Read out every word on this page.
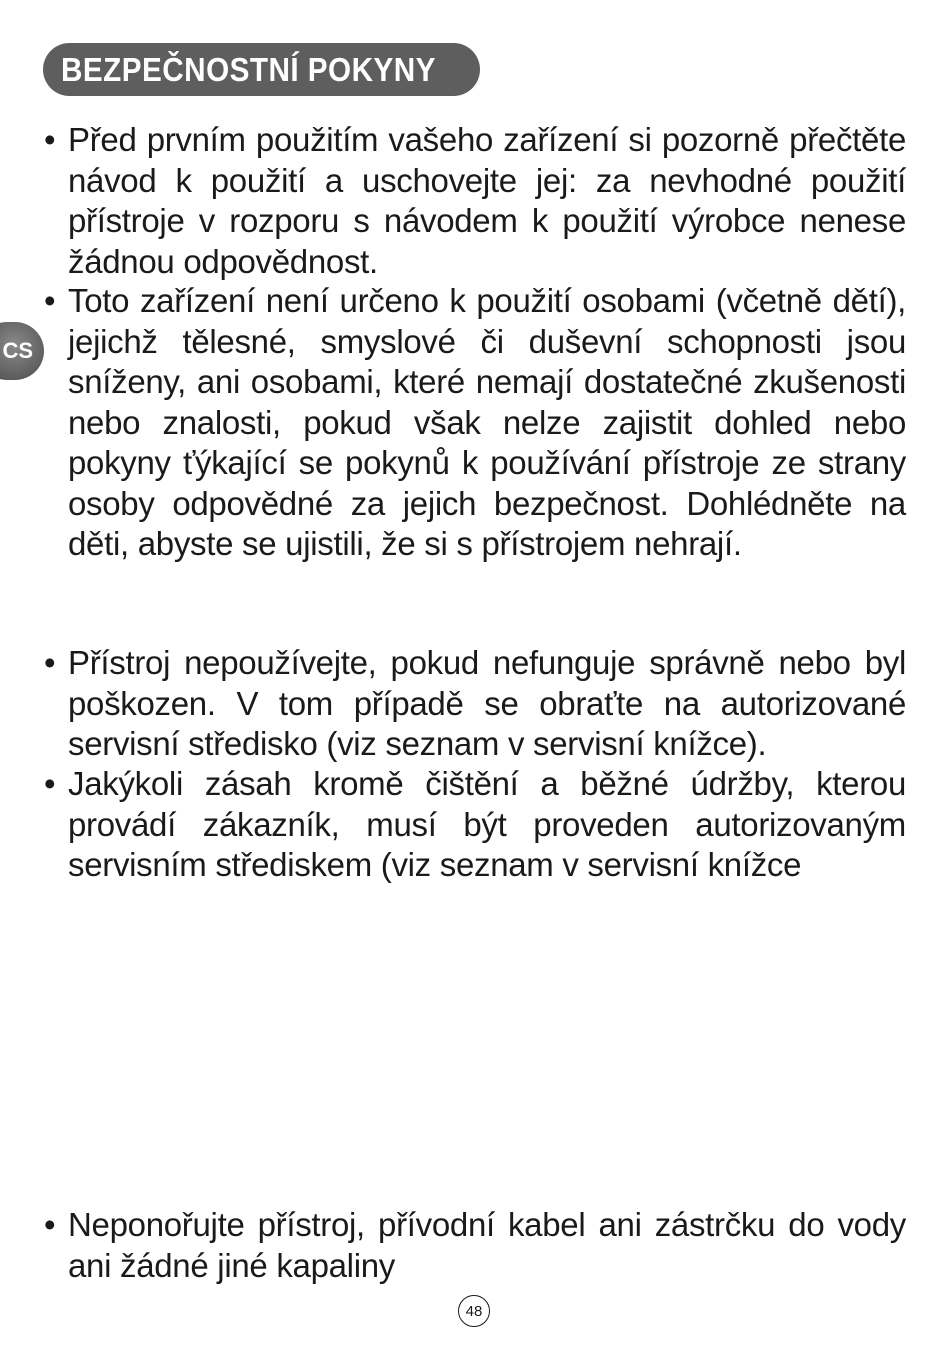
BEZPEČNOSTNÍ POKYNY
CS
• Před prvním použitím vašeho zařízení si pozorně přečtěte návod k použití a uschovejte jej: za nevhodné použití přístroje v rozporu s návodem k použití výrobce nenese žádnou odpovědnost.
• Toto zařízení není určeno k použití osobami (včetně dětí), jejichž tělesné, smyslové či duševní schopnosti jsou sníženy, ani osobami, které nemají dostatečné zkušenosti nebo znalosti, pokud však nelze zajistit dohled nebo pokyny ťýkající se pokynů k používání přístroje ze strany osoby odpovědné za jejich bezpečnost. Dohlédněte na děti, abyste se ujistili, že si s přístrojem nehrají.
• Přístroj nepoužívejte, pokud nefunguje správně nebo byl poškozen. V tom případě se obraťte na autorizované servisní středisko (viz seznam v servisní knížce).
• Jakýkoli zásah kromě čištění a běžné údržby, kterou provádí zákazník, musí být proveden autorizovaným servisním střediskem (viz seznam v servisní knížce
• Neponořujte přístroj, přívodní kabel ani zástrčku do vody ani žádné jiné kapaliny
48
